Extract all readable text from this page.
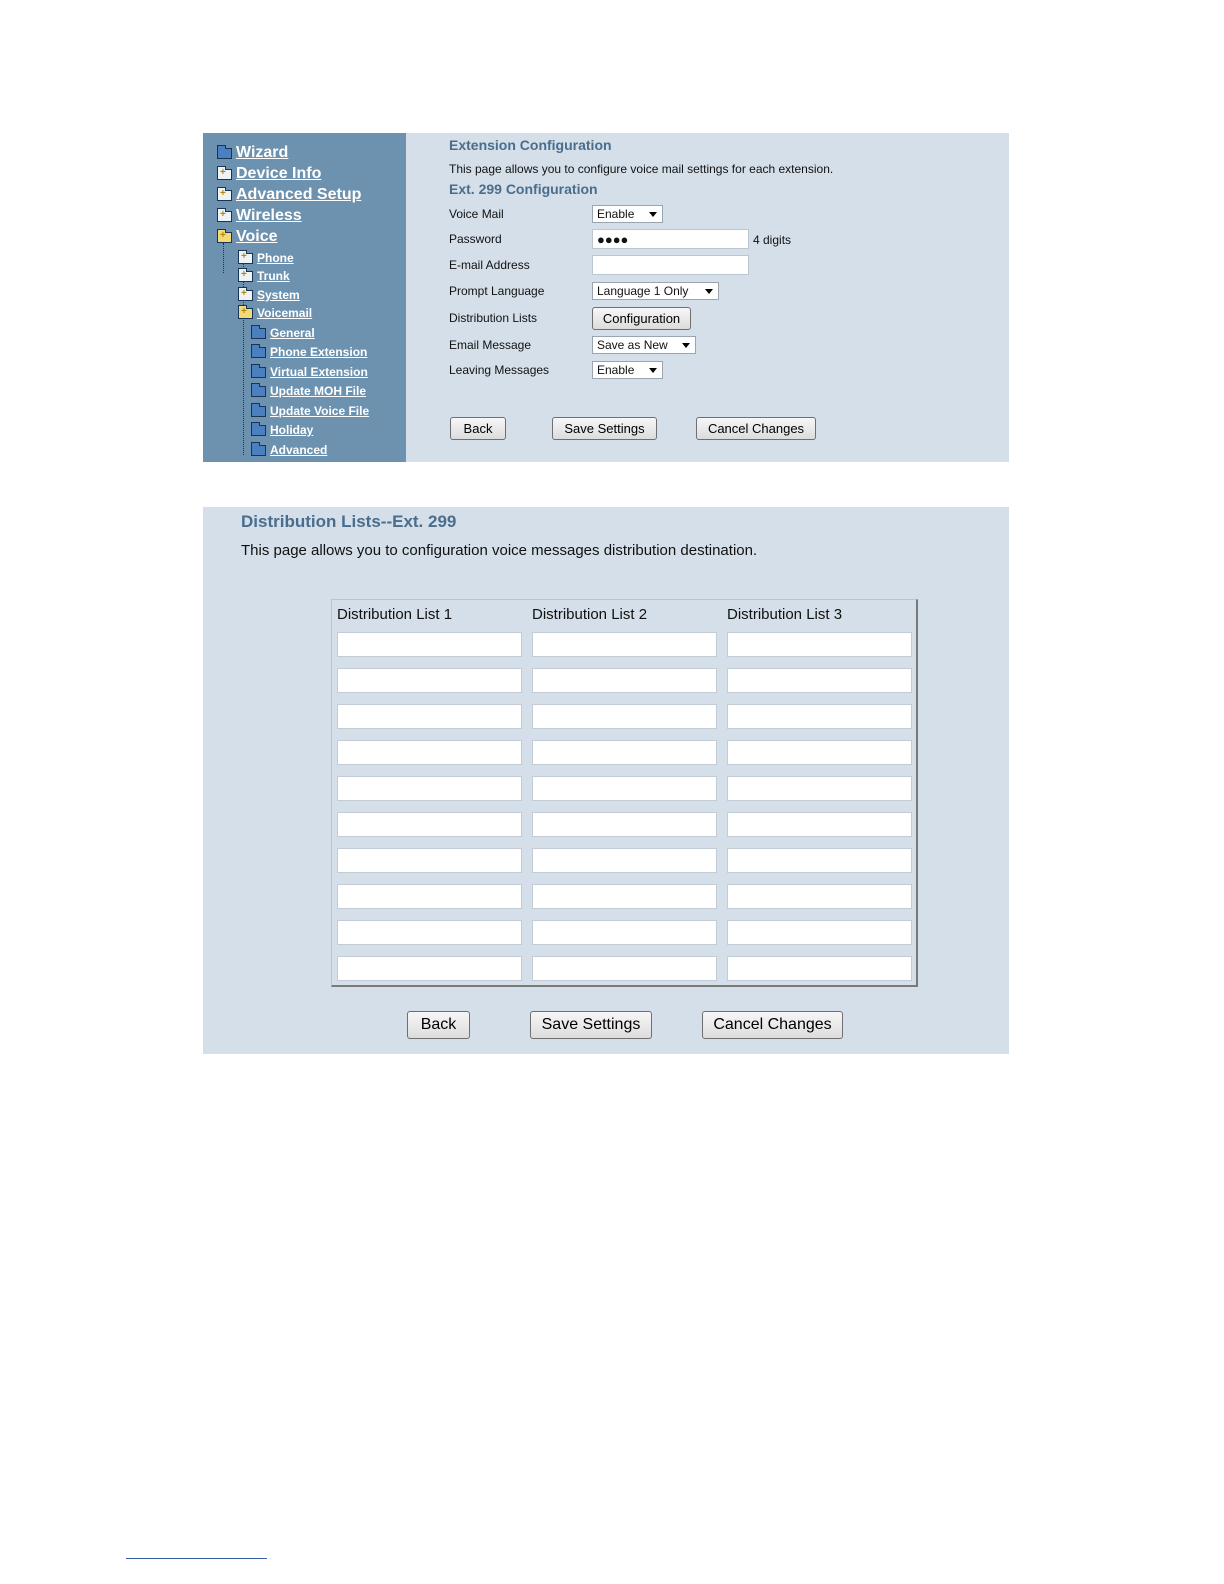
Wizard
+
Device Info
+
Advanced Setup
+
Wireless
+
Voice
+
Phone
+
Trunk
+
System
+
Voicemail
General
Phone Extension
Virtual Extension
Update MOH File
Update Voice File
Holiday
Advanced
Extension Configuration
This page allows you to configure voice mail settings for each extension.
Ext. 299 Configuration
Voice Mail	Enable
Password	●●●●	4 digits
E-mail Address
Prompt Language	Language 1 Only
Distribution Lists	Configuration
Email Message	Save as New
Leaving Messages	Enable
Back	Save Settings	Cancel Changes
Distribution Lists--Ext. 299
This page allows you to configuration voice messages distribution destination.
Distribution List 1	Distribution List 2	Distribution List 3
Back	Save Settings	Cancel Changes
